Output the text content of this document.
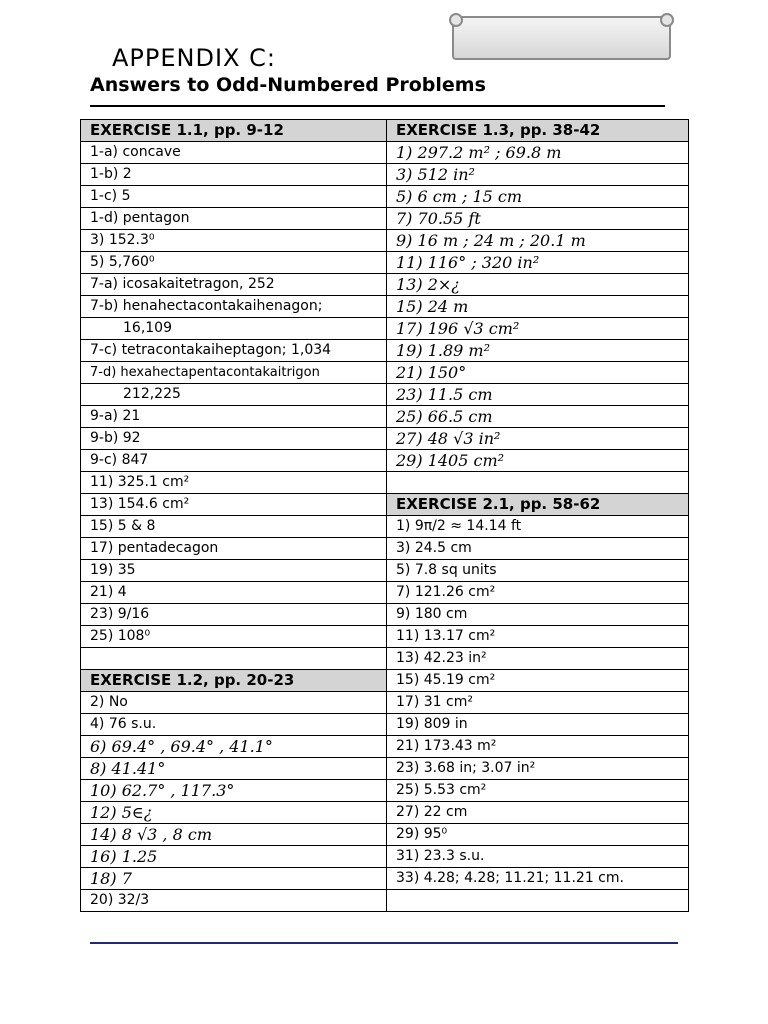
APPENDIX C:
Answers to Odd-Numbered Problems
EXERCISE 1.1, pp. 9-12	EXERCISE 1.3, pp. 38-42
1-a) concave	1) 297.2 m² ; 69.8 m
1-b) 2	3) 512 in²
1-c) 5	5) 6 cm ; 15 cm
1-d) pentagon	7) 70.55 ft
3) 152.3⁰	9) 16 m ; 24 m ; 20.1 m
5) 5,760⁰	11) 116° ; 320 in²
7-a) icosakaitetragon, 252	13) 2×¿
7-b) henahectacontakaihenagon;	15) 24 m
16,109	17) 196 √3 cm²
7-c) tetracontakaiheptagon; 1,034	19) 1.89 m²
7-d) hexahectapentacontakaitrigon	21) 150°
212,225	23) 11.5 cm
9-a) 21	25) 66.5 cm
9-b) 92	27) 48 √3 in²
9-c) 847	29) 1405 cm²
11) 325.1 cm²	
13) 154.6 cm²	EXERCISE 2.1, pp. 58-62
15) 5 & 8	1) 9π/2 ≈ 14.14 ft
17) pentadecagon	3) 24.5 cm
19) 35	5) 7.8 sq units
21) 4	7) 121.26 cm²
23) 9/16	9) 180 cm
25) 108⁰	11) 13.17 cm²
	13) 42.23 in²
EXERCISE 1.2, pp. 20-23	15) 45.19 cm²
2) No	17) 31 cm²
4) 76 s.u.	19) 809 in
6) 69.4° , 69.4° , 41.1°	21) 173.43 m²
8) 41.41°	23) 3.68 in; 3.07 in²
10) 62.7° , 117.3°	25) 5.53 cm²
12) 5∈¿	27) 22 cm
14) 8 √3 , 8 cm	29) 95⁰
16) 1.25	31) 23.3 s.u.
18) 7	33) 4.28; 4.28; 11.21; 11.21 cm.
20) 32/3	
